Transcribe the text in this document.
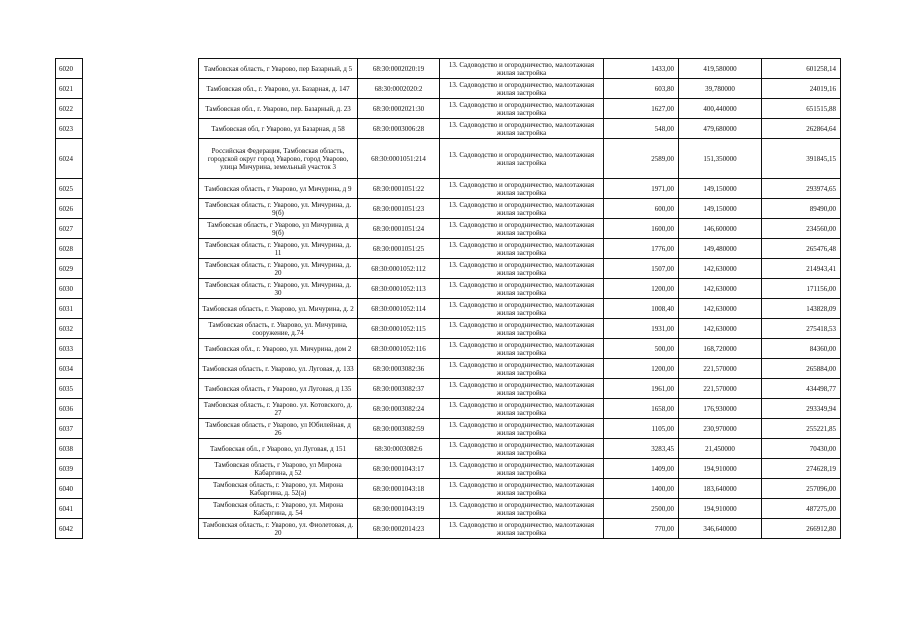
6020		Тамбовская область, г Уварово, пер Базарный, д 5	68:30:0002020:19	13. Садоводство и огородничество, малоэтажная жилая застройка	1433,00	419,580000	601258,14
6021		Тамбовская обл., г. Уварово, ул. Базарная, д. 147	68:30:0002020:2	13. Садоводство и огородничество, малоэтажная жилая застройка	603,80	39,780000	24019,16
6022		Тамбовская обл., г. Уварово, пер. Базарный, д. 23	68:30:0002021:30	13. Садоводство и огородничество, малоэтажная жилая застройка	1627,00	400,440000	651515,88
6023		Тамбовская обл, г Уварово, ул Базарная, д 58	68:30:0003006:28	13. Садоводство и огородничество, малоэтажная жилая застройка	548,00	479,680000	262864,64
6024		Российская Федерация, Тамбовская область, городской округ город Уварово, город Уварово, улица Мичурина, земельный участок 3	68:30:0001051:214	13. Садоводство и огородничество, малоэтажная жилая застройка	2589,00	151,350000	391845,15
6025		Тамбовская область, г Уварово, ул Мичурина, д 9	68:30:0001051:22	13. Садоводство и огородничество, малоэтажная жилая застройка	1971,00	149,150000	293974,65
6026		Тамбовская область, г. Уварово, ул. Мичурина, д. 9(б)	68:30:0001051:23	13. Садоводство и огородничество, малоэтажная жилая застройка	600,00	149,150000	89490,00
6027		Тамбовская область, г Уварово, ул Мичурина, д 9(б)	68:30:0001051:24	13. Садоводство и огородничество, малоэтажная жилая застройка	1600,00	146,600000	234560,00
6028		Тамбовская область, г. Уварово, ул. Мичурина, д. 11	68:30:0001051:25	13. Садоводство и огородничество, малоэтажная жилая застройка	1776,00	149,480000	265476,48
6029		Тамбовская область, г. Уварово, ул. Мичурина, д. 20	68:30:0001052:112	13. Садоводство и огородничество, малоэтажная жилая застройка	1507,00	142,630000	214943,41
6030		Тамбовская область, г. Уварово, ул. Мичурина, д. 30	68:30:0001052:113	13. Садоводство и огородничество, малоэтажная жилая застройка	1200,00	142,630000	171156,00
6031		Тамбовская область, г. Уварово, ул. Мичурина, д. 2	68:30:0001052:114	13. Садоводство и огородничество, малоэтажная жилая застройка	1008,40	142,630000	143828,09
6032		Тамбовская область, г. Уварово, ул. Мичурина, сооружение, д.74	68:30:0001052:115	13. Садоводство и огородничество, малоэтажная жилая застройка	1931,00	142,630000	275418,53
6033		Тамбовская обл., г. Уварово, ул. Мичурина, дом 2	68:30:0001052:116	13. Садоводство и огородничество, малоэтажная жилая застройка	500,00	168,720000	84360,00
6034		Тамбовская область, г. Уварово, ул. Луговая, д. 133	68:30:0003082:36	13. Садоводство и огородничество, малоэтажная жилая застройка	1200,00	221,570000	265884,00
6035		Тамбовская область, г Уварово, ул Луговая, д 135	68:30:0003082:37	13. Садоводство и огородничество, малоэтажная жилая застройка	1961,00	221,570000	434498,77
6036		Тамбовская область, г. Уварово. ул. Котовского, д. 27	68:30:0003082:24	13. Садоводство и огородничество, малоэтажная жилая застройка	1658,00	176,930000	293349,94
6037		Тамбовская область, г Уварово, ул Юбилейная, д 26	68:30:0003082:59	13. Садоводство и огородничество, малоэтажная жилая застройка	1105,00	230,970000	255221,85
6038		Тамбовская обл., г Уварово, ул Луговая, д 151	68:30:0003082:6	13. Садоводство и огородничество, малоэтажная жилая застройка	3283,45	21,450000	70430,00
6039		Тамбовская область, г Уварово, ул Мирона Кабаргина, д 52	68:30:0001043:17	13. Садоводство и огородничество, малоэтажная жилая застройка	1409,00	194,910000	274628,19
6040		Тамбовская область, г. Уварово, ул. Мирона Кабаргина, д. 52(а)	68:30:0001043:18	13. Садоводство и огородничество, малоэтажная жилая застройка	1400,00	183,640000	257096,00
6041		Тамбовская область, г. Уварово, ул. Мирона Кабаргина, д. 54	68:30:0001043:19	13. Садоводство и огородничество, малоэтажная жилая застройка	2500,00	194,910000	487275,00
6042		Тамбовская область, г. Уварово, ул. Фиолетовая, д. 20	68:30:0002014:23	13. Садоводство и огородничество, малоэтажная жилая застройка	770,00	346,640000	266912,80
